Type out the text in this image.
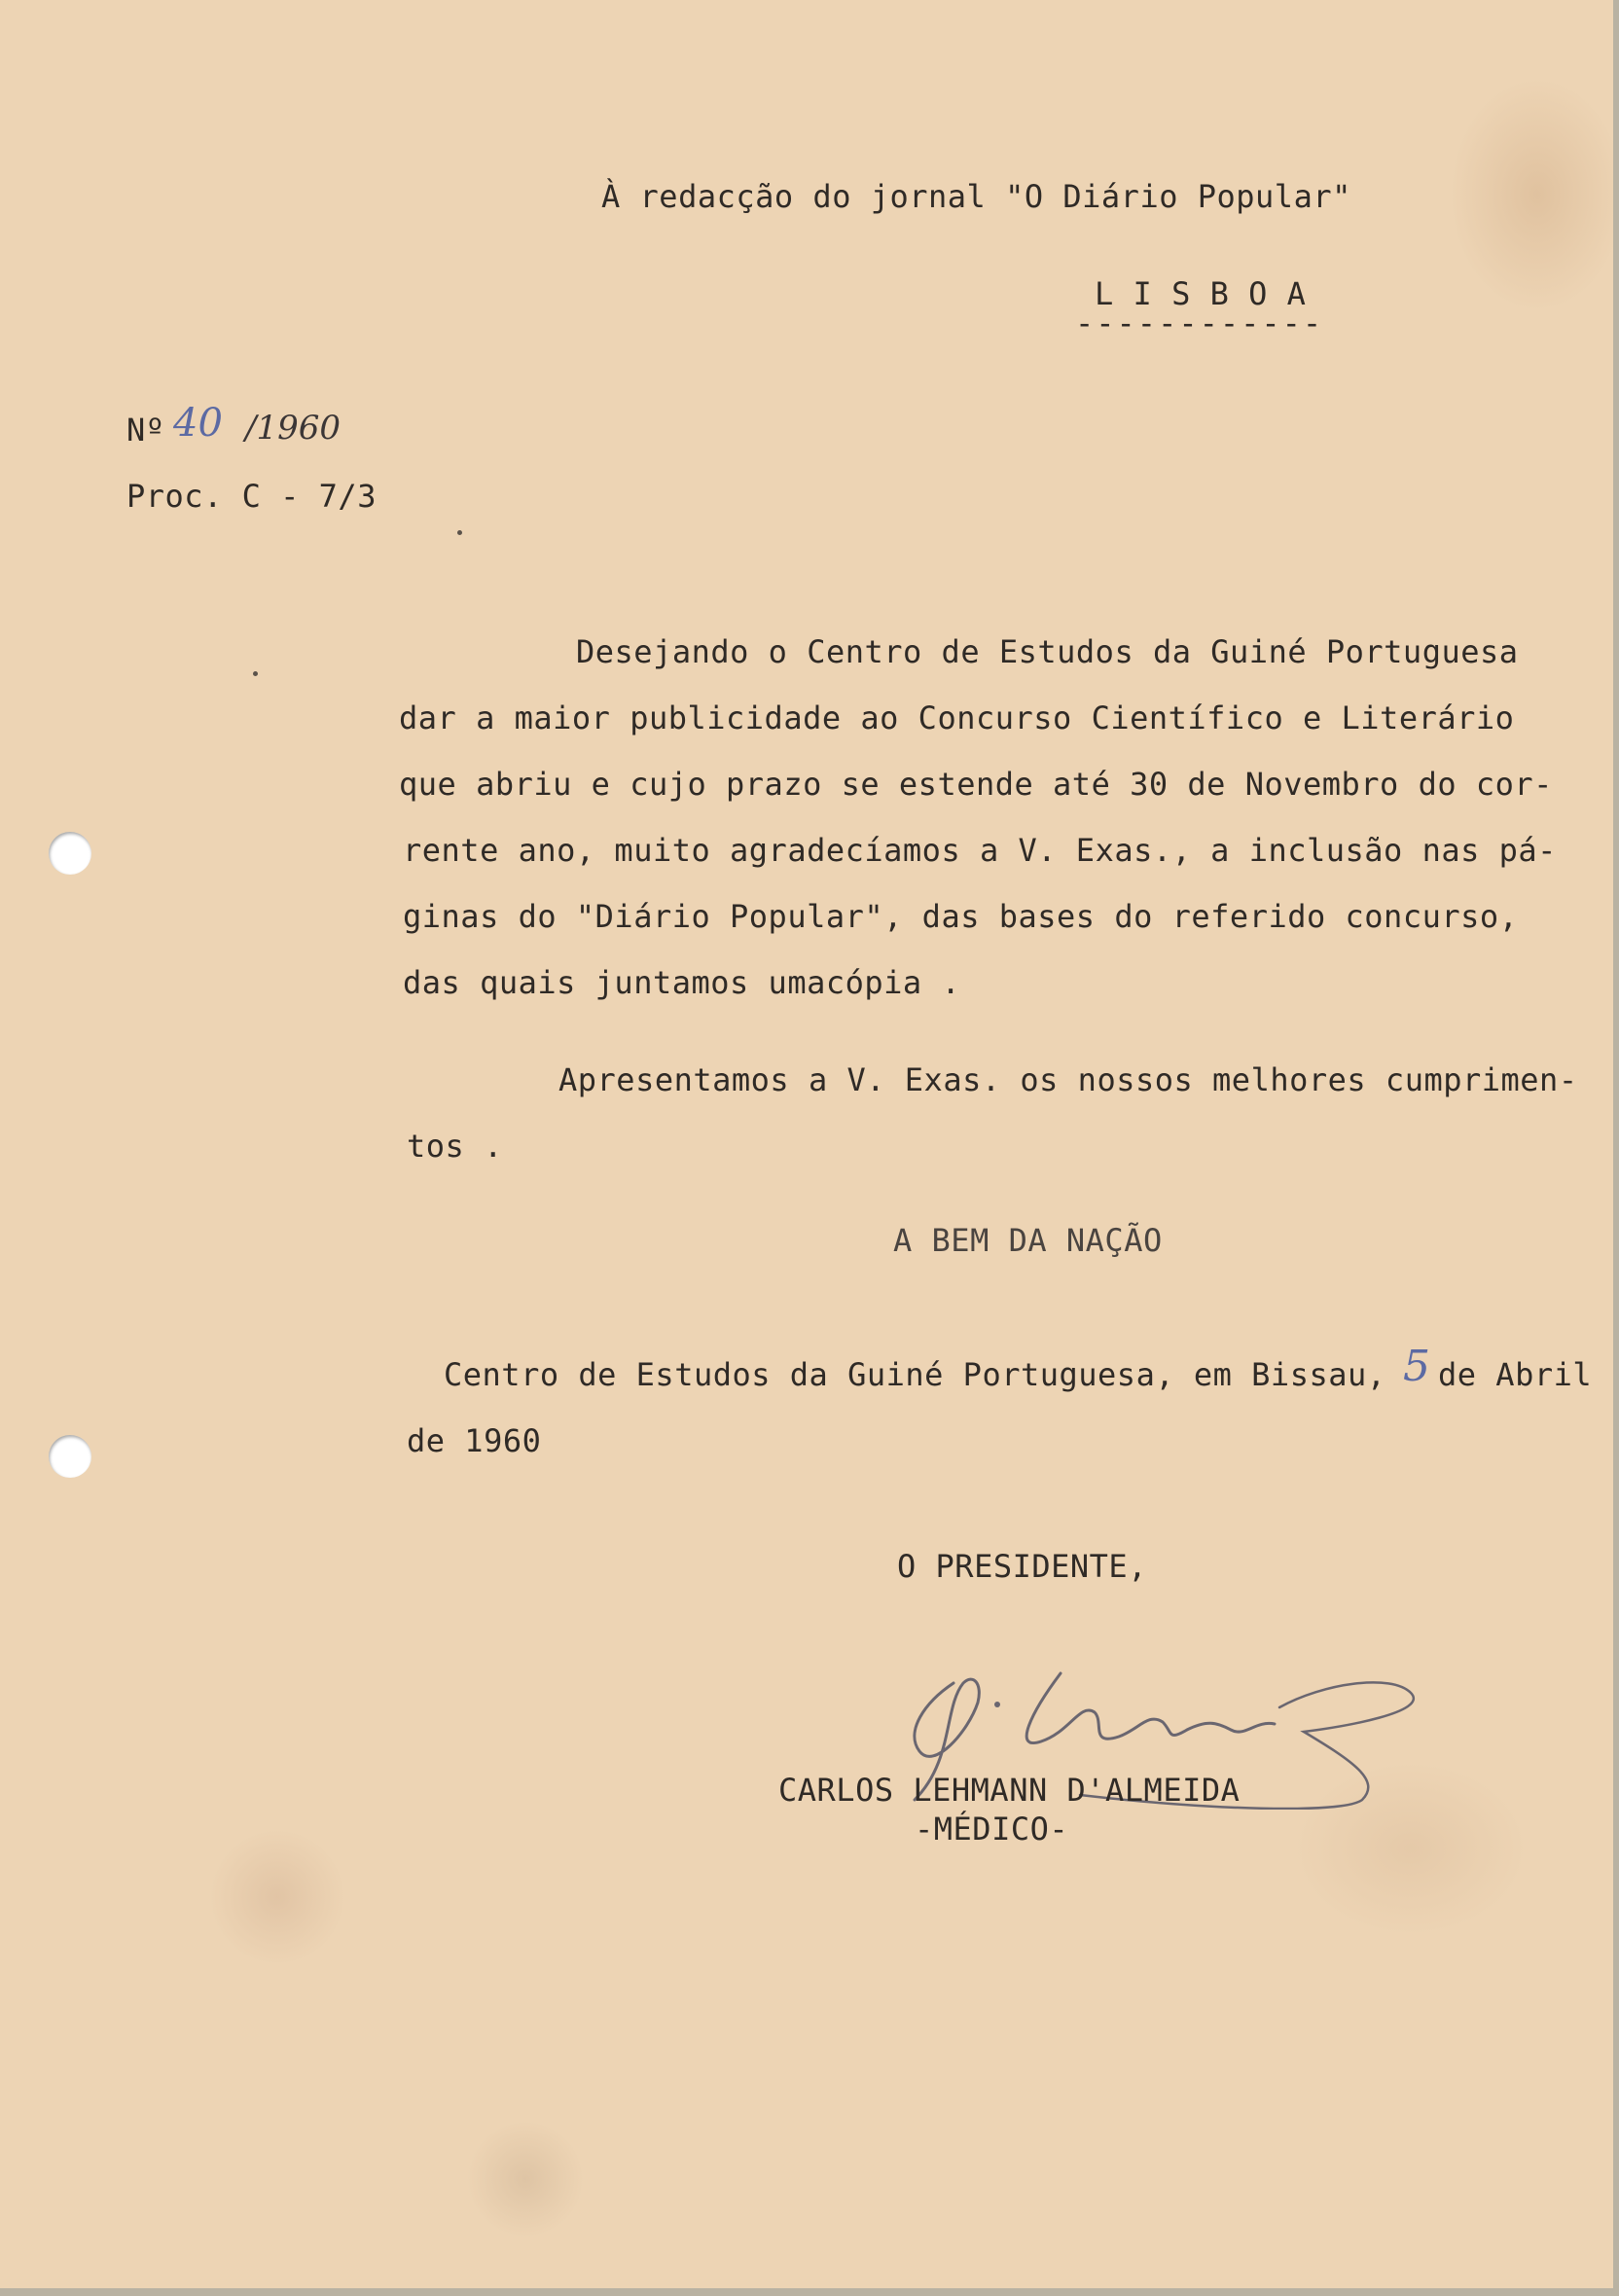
À redacção do jornal "O Diário Popular"
L I S B O A
------------
Nº 40 /1960
Proc. C - 7/3
Desejando o Centro de Estudos da Guiné Portuguesa
dar a maior publicidade ao Concurso Científico e Literário
que abriu e cujo prazo se estende até 30 de Novembro do cor-
rente ano, muito agradecíamos a V. Exas., a inclusão nas pá-
ginas do "Diário Popular", das bases do referido concurso,
das quais juntamos umacópia .
Apresentamos a V. Exas. os nossos melhores cumprimen-
tos .
A BEM DA NAÇÃO
Centro de Estudos da Guiné Portuguesa, em Bissau, 5 de Abril
de 1960
O PRESIDENTE,
CARLOS LEHMANN D'ALMEIDA
-MÉDICO-
